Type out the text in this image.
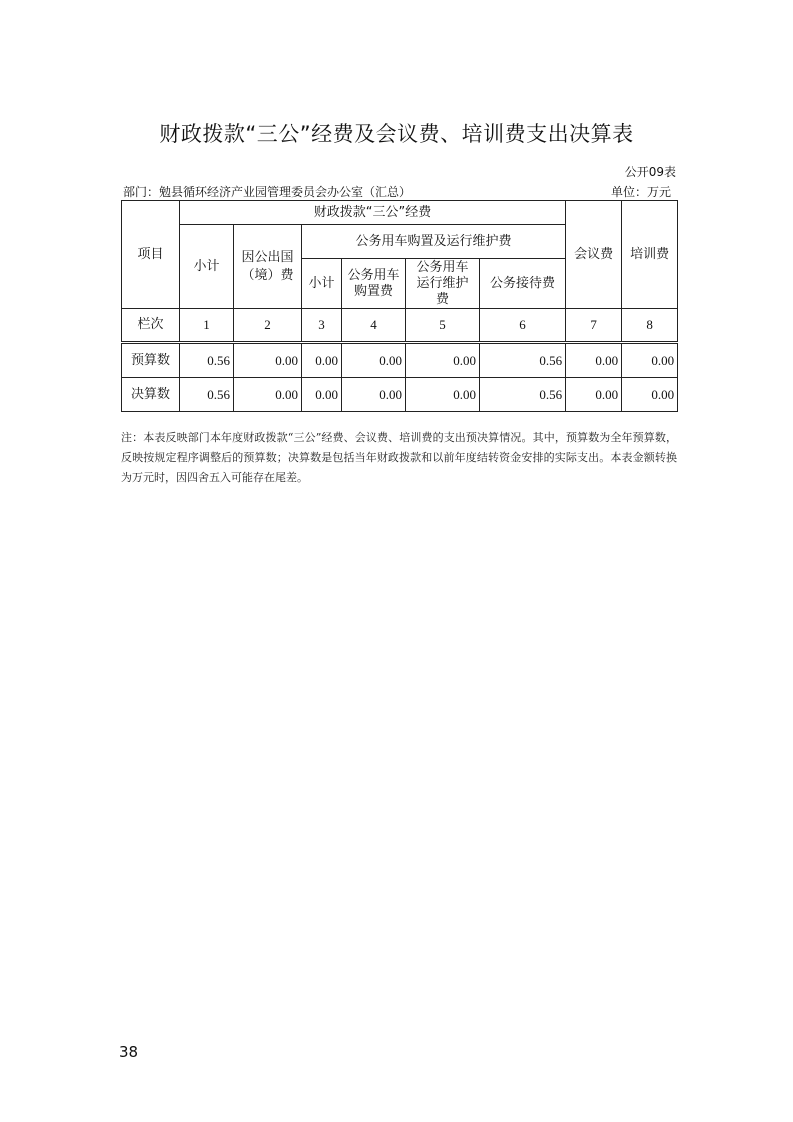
财政拨款“三公”经费及会议费、培训费支出决算表
公开09表
部门：勉县循环经济产业园管理委员会办公室（汇总）	单位：万元
项目	财政拨款“三公”经费						会议费	培训费
	小计	因公出国（境）费	公务用车购置及运行维护费					
			小计	公务用车购置费	公务用车运行维护费	公务接待费		

栏次	1	2	3	4	5	6	7	8
预算数	0.56	0.00	0.00	0.00	0.00	0.56	0.00	0.00
决算数	0.56	0.00	0.00	0.00	0.00	0.56	0.00	0.00
注：本表反映部门本年度财政拨款“三公”经费、会议费、培训费的支出预决算情况。其中，预算数为全年预算数，反映按规定程序调整后的预算数；决算数是包括当年财政拨款和以前年度结转资金安排的实际支出。本表金额转换为万元时，因四舍五入可能存在尾差。
38
